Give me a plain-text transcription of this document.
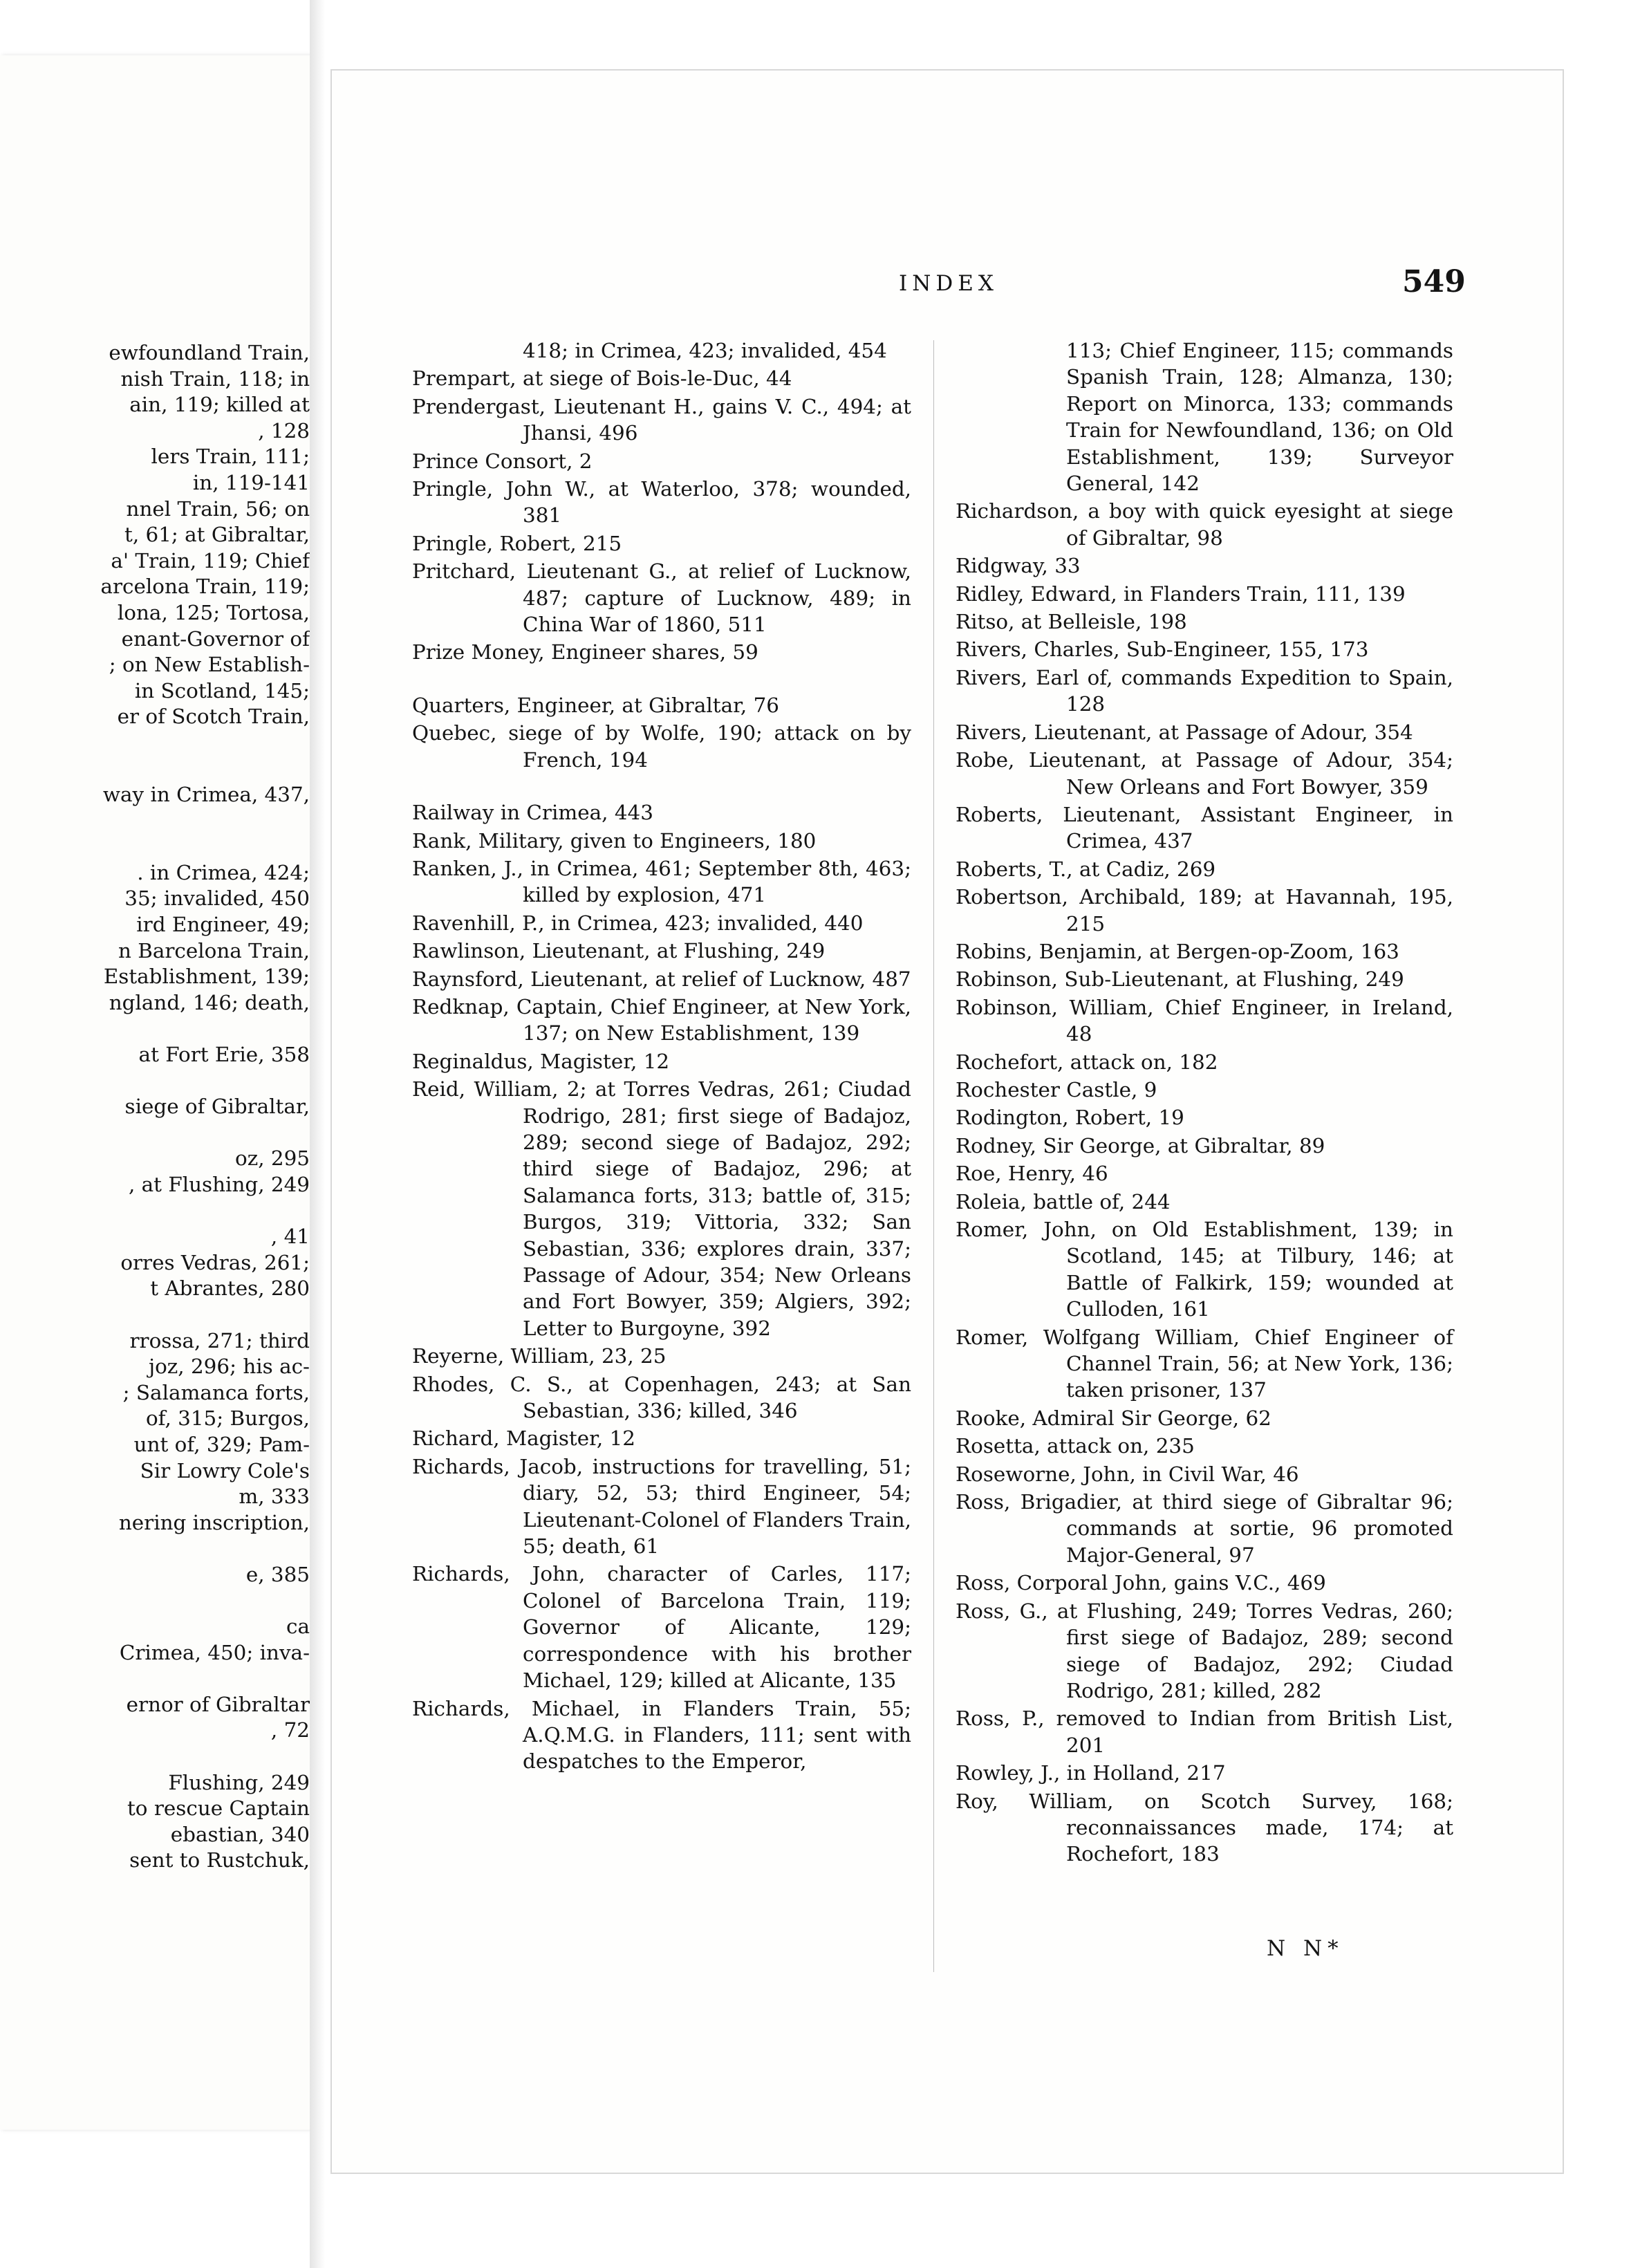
ewfoundland Train,
nish Train, 118; in
ain, 119; killed at
, 128
lers Train, 111;
in, 119-141
nnel Train, 56; on
t, 61; at Gibraltar,
a' Train, 119; Chief
arcelona Train, 119;
lona, 125; Tortosa,
enant-Governor of
; on New Establish-
in Scotland, 145;
er of Scotch Train,
way in Crimea, 437,
. in Crimea, 424;
35; invalided, 450
ird Engineer, 49;
n Barcelona Train,
Establishment, 139;
ngland, 146; death,
at Fort Erie, 358
siege of Gibraltar,
oz, 295
, at Flushing, 249
, 41
orres Vedras, 261;
t Abrantes, 280
rrossa, 271; third
joz, 296; his ac-
; Salamanca forts,
of, 315; Burgos,
unt of, 329; Pam-
Sir Lowry Cole's
m, 333
nering inscription,
e, 385
ca
Crimea, 450; inva-
ernor of Gibraltar
, 72
Flushing, 249
to rescue Captain
ebastian, 340
sent to Rustchuk,
INDEX	549

418; in Crimea, 423; invalided, 454

Prempart, at siege of Bois-le-Duc, 44

Prendergast, Lieutenant H., gains V. C., 494; at Jhansi, 496

Prince Consort, 2

Pringle, John W., at Waterloo, 378; wounded, 381

Pringle, Robert, 215

Pritchard, Lieutenant G., at relief of Lucknow, 487; capture of Lucknow, 489; in China War of 1860, 511

Prize Money, Engineer shares, 59

Quarters, Engineer, at Gibraltar, 76

Quebec, siege of by Wolfe, 190; attack on by French, 194

Railway in Crimea, 443

Rank, Military, given to Engineers, 180

Ranken, J., in Crimea, 461; September 8th, 463; killed by explosion, 471

Ravenhill, P., in Crimea, 423; invalided, 440

Rawlinson, Lieutenant, at Flushing, 249

Raynsford, Lieutenant, at relief of Lucknow, 487

Redknap, Captain, Chief Engineer, at New York, 137; on New Establishment, 139

Reginaldus, Magister, 12

Reid, William, 2; at Torres Vedras, 261; Ciudad Rodrigo, 281; first siege of Badajoz, 289; second siege of Badajoz, 292; third siege of Badajoz, 296; at Salamanca forts, 313; battle of, 315; Burgos, 319; Vittoria, 332; San Sebastian, 336; explores drain, 337; Passage of Adour, 354; New Orleans and Fort Bowyer, 359; Algiers, 392; Letter to Burgoyne, 392

Reyerne, William, 23, 25

Rhodes, C. S., at Copenhagen, 243; at San Sebastian, 336; killed, 346

Richard, Magister, 12

Richards, Jacob, instructions for travelling, 51; diary, 52, 53; third Engineer, 54; Lieutenant-Colonel of Flanders Train, 55; death, 61

Richards, John, character of Carles, 117; Colonel of Barcelona Train, 119; Governor of Alicante, 129; correspondence with his brother Michael, 129; killed at Alicante, 135

Richards, Michael, in Flanders Train, 55; A.Q.M.G. in Flanders, 111; sent with despatches to the Emperor,

113; Chief Engineer, 115; commands Spanish Train, 128; Almanza, 130; Report on Minorca, 133; commands Train for Newfoundland, 136; on Old Establishment, 139; Surveyor General, 142

Richardson, a boy with quick eyesight at siege of Gibraltar, 98

Ridgway, 33

Ridley, Edward, in Flanders Train, 111, 139

Ritso, at Belleisle, 198

Rivers, Charles, Sub-Engineer, 155, 173

Rivers, Earl of, commands Expedition to Spain, 128

Rivers, Lieutenant, at Passage of Adour, 354

Robe, Lieutenant, at Passage of Adour, 354; New Orleans and Fort Bowyer, 359

Roberts, Lieutenant, Assistant Engineer, in Crimea, 437

Roberts, T., at Cadiz, 269

Robertson, Archibald, 189; at Havannah, 195, 215

Robins, Benjamin, at Bergen-op-Zoom, 163

Robinson, Sub-Lieutenant, at Flushing, 249

Robinson, William, Chief Engineer, in Ireland, 48

Rochefort, attack on, 182

Rochester Castle, 9

Rodington, Robert, 19

Rodney, Sir George, at Gibraltar, 89

Roe, Henry, 46

Roleia, battle of, 244

Romer, John, on Old Establishment, 139; in Scotland, 145; at Tilbury, 146; at Battle of Falkirk, 159; wounded at Culloden, 161

Romer, Wolfgang William, Chief Engineer of Channel Train, 56; at New York, 136; taken prisoner, 137

Rooke, Admiral Sir George, 62

Rosetta, attack on, 235

Roseworne, John, in Civil War, 46

Ross, Brigadier, at third siege of Gibraltar 96; commands at sortie, 96 promoted Major-General, 97

Ross, Corporal John, gains V.C., 469

Ross, G., at Flushing, 249; Torres Vedras, 260; first siege of Badajoz, 289; second siege of Badajoz, 292; Ciudad Rodrigo, 281; killed, 282

Ross, P., removed to Indian from British List, 201

Rowley, J., in Holland, 217

Roy, William, on Scotch Survey, 168; reconnaissances made, 174; at Rochefort, 183

N N*
